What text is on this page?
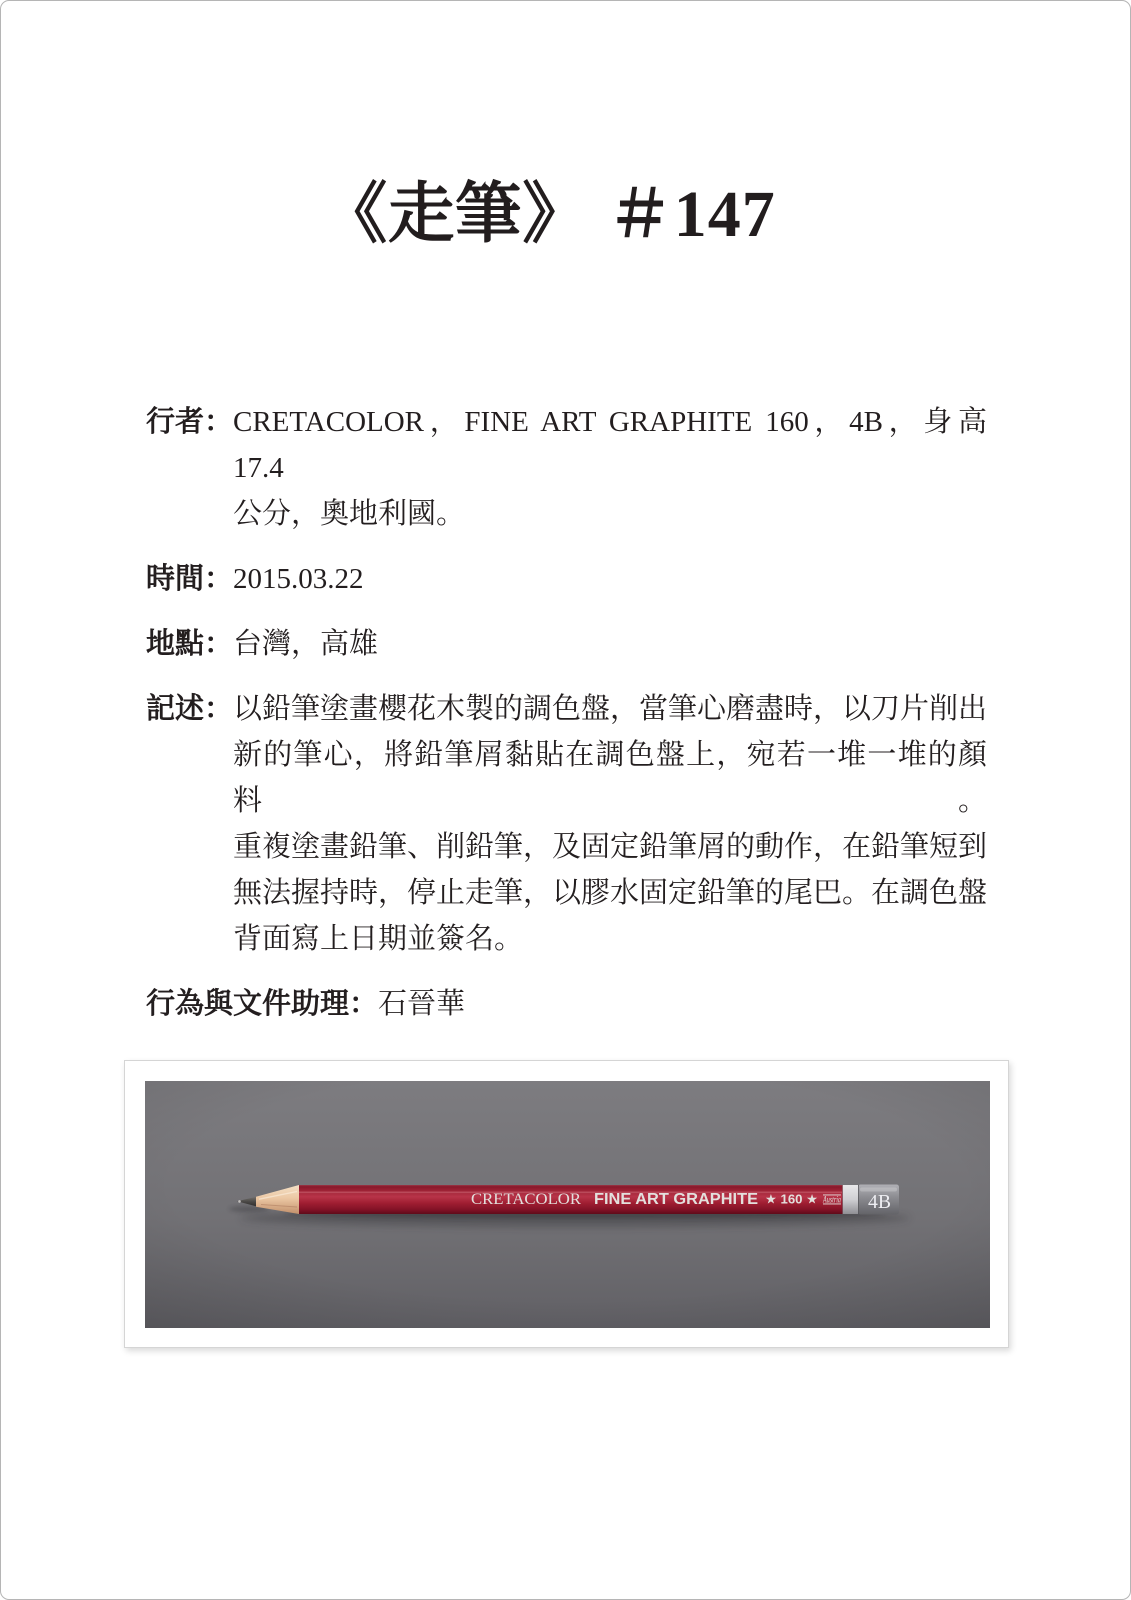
《走筆》 ＃147
行者： CRETACOLOR，FINE ART GRAPHITE 160，4B，身高 17.4
公分，奧地利國。
時間： 2015.03.22
地點： 台灣，高雄
記述： 以鉛筆塗畫櫻花木製的調色盤，當筆心磨盡時，以刀片削出
新的筆心，將鉛筆屑黏貼在調色盤上，宛若一堆一堆的顏料。
重複塗畫鉛筆、削鉛筆，及固定鉛筆屑的動作，在鉛筆短到
無法握持時，停止走筆，以膠水固定鉛筆的尾巴。在調色盤
背面寫上日期並簽名。
行為與文件助理：石晉華
CRETACOLOR FINE ART GRAPHITE ★ 160 ★ Austria 4B
